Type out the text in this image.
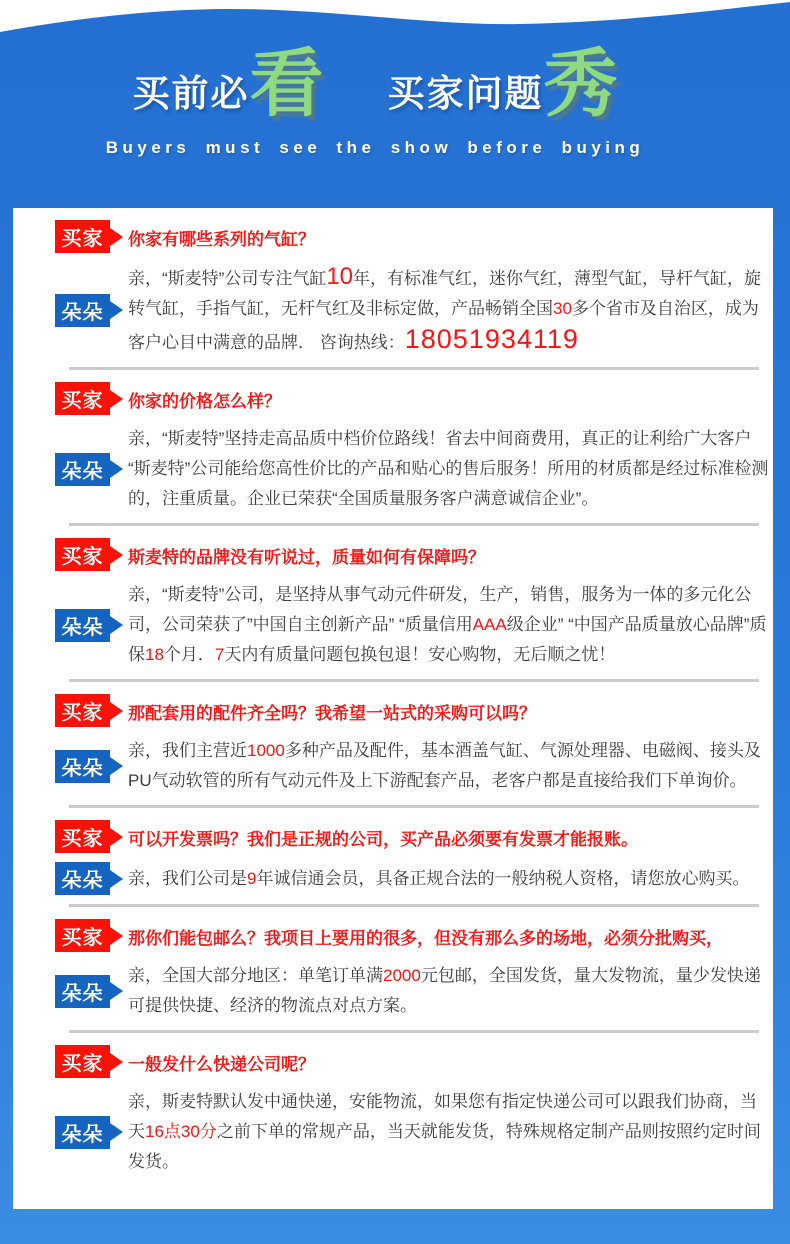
买前必 看 买家问题 秀
Buyers must see the show before buying
买家 你家有哪些系列的气缸？
朵朵
亲，“斯麦特”公司专注气缸10年，有标准气红，迷你气红，薄型气缸，导杆气缸，旋转气缸，手指气缸，无杆气红及非标定做，产品畅销全国30多个省市及自治区，成为客户心目中满意的品牌． 咨询热线：18051934119
买家 你家的价格怎么样？
朵朵
亲，“斯麦特”坚持走高品质中档价位路线！省去中间商费用，真正的让利给广大客户 “斯麦特”公司能给您高性价比的产品和贴心的售后服务！所用的材质都是经过标准检测的，注重质量。企业已荣获“全国质量服务客户满意诚信企业”。
买家 斯麦特的品牌没有听说过，质量如何有保障吗？
朵朵
亲，“斯麦特”公司，是坚持从事气动元件研发，生产，销售，服务为一体的多元化公司，公司荣获了”中国自主创新产品” “质量信用AAA级企业” “中国产品质量放心品牌”质保18个月．7天内有质量问题包换包退！安心购物，无后顺之忧！
买家 那配套用的配件齐全吗？我希望一站式的采购可以吗？
朵朵
亲，我们主营近1000多种产品及配件，基本酒盖气缸、气源处理器、电磁阀、接头及PU气动软管的所有气动元件及上下游配套产品，老客户都是直接给我们下单询价。
买家 可以开发票吗？我们是正规的公司，买产品必须要有发票才能报账。
朵朵 亲，我们公司是9年诚信通会员，具备正规合法的一般纳税人资格，请您放心购买。
买家 那你们能包邮么？我项目上要用的很多，但没有那么多的场地，必须分批购买，
朵朵
亲，全国大部分地区：单笔订单满2000元包邮，全国发货，量大发物流，量少发快递可提供快捷、经济的物流点对点方案。
买家 一般发什么快递公司呢？
朵朵
亲，斯麦特默认发中通快递，安能物流，如果您有指定快递公司可以跟我们协商，当天16点30分之前下单的常规产品，当天就能发货，特殊规格定制产品则按照约定时间发货。
